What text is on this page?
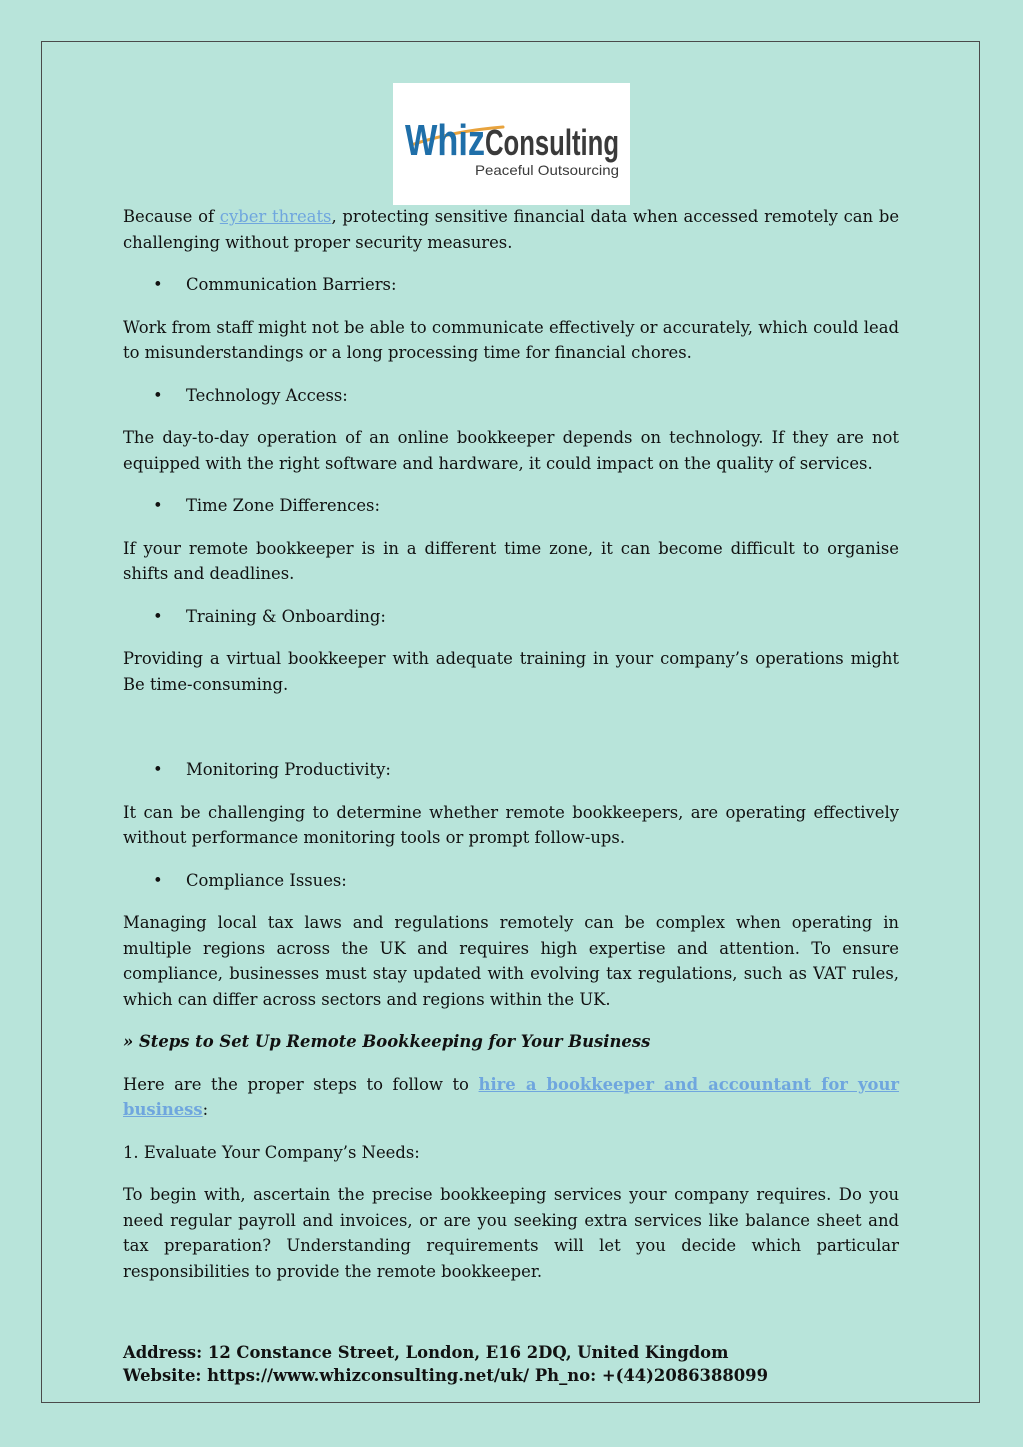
Whiz Consulting
Peaceful Outsourcing

Because of cyber threats, protecting sensitive financial data when accessed remotely can be challenging without proper security measures.

• Communication Barriers:

Work from staff might not be able to communicate effectively or accurately, which could lead to misunderstandings or a long processing time for financial chores.

• Technology Access:

The day-to-day operation of an online bookkeeper depends on technology. If they are not equipped with the right software and hardware, it could impact on the quality of services.

• Time Zone Differences:

If your remote bookkeeper is in a different time zone, it can become difficult to organise shifts and deadlines.

• Training & Onboarding:

Providing a virtual bookkeeper with adequate training in your company’s operations might Be time-consuming.

• Monitoring Productivity:

It can be challenging to determine whether remote bookkeepers, are operating effectively without performance monitoring tools or prompt follow-ups.

• Compliance Issues:

Managing local tax laws and regulations remotely can be complex when operating in multiple regions across the UK and requires high expertise and attention. To ensure compliance, businesses must stay updated with evolving tax regulations, such as VAT rules, which can differ across sectors and regions within the UK.

» Steps to Set Up Remote Bookkeeping for Your Business

Here are the proper steps to follow to hire a bookkeeper and accountant for your business:

1. Evaluate Your Company’s Needs:

To begin with, ascertain the precise bookkeeping services your company requires. Do you need regular payroll and invoices, or are you seeking extra services like balance sheet and tax preparation? Understanding requirements will let you decide which particular responsibilities to provide the remote bookkeeper.

Address: 12 Constance Street, London, E16 2DQ, United Kingdom
Website: https://www.whizconsulting.net/uk/ Ph_no: +(44)2086388099
